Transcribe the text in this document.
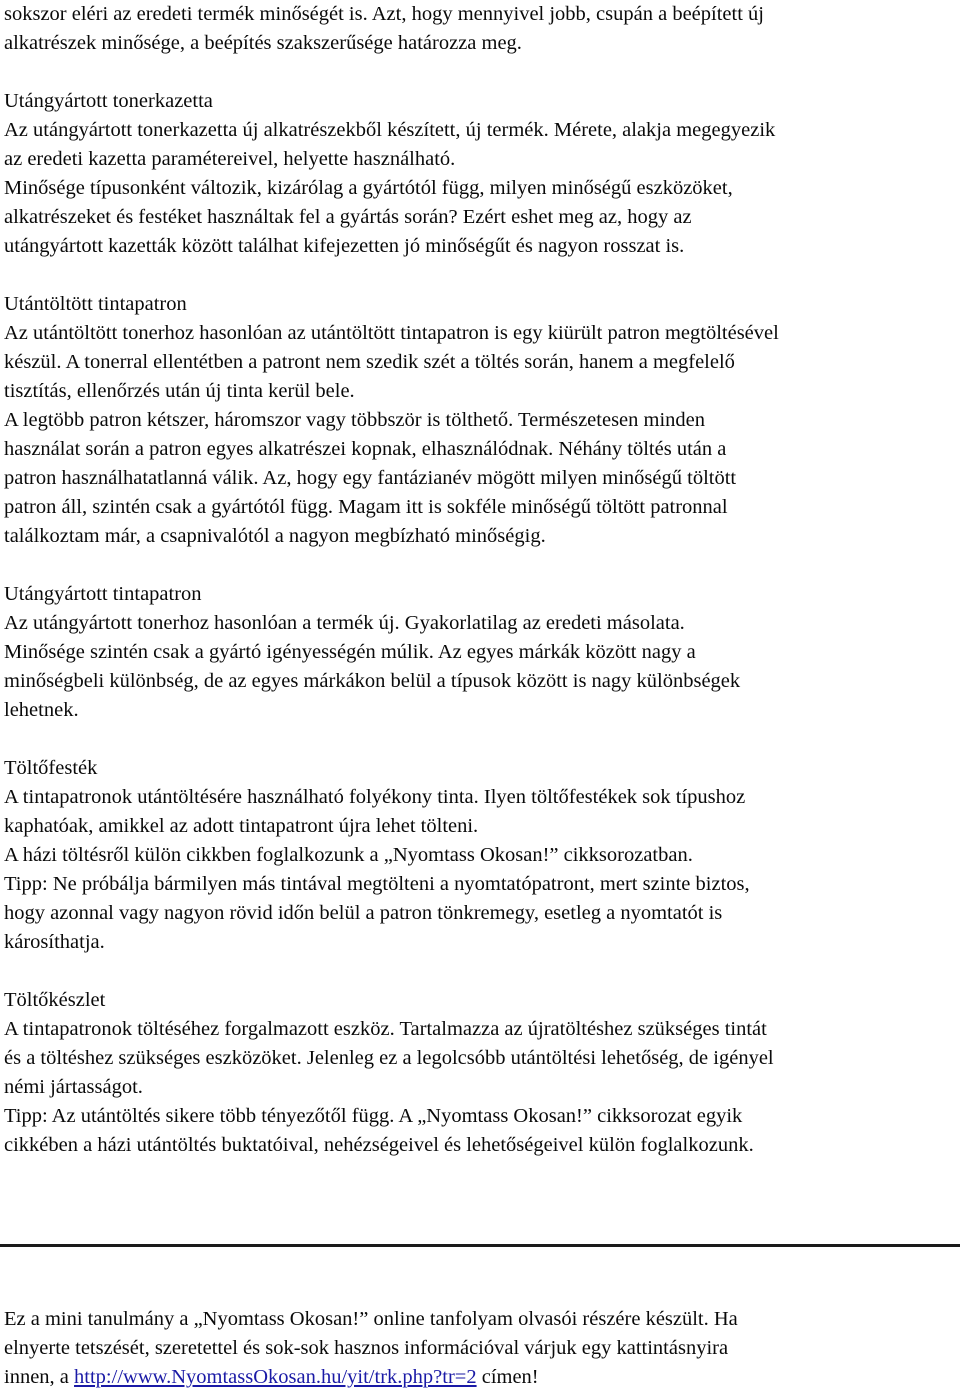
sokszor eléri az eredeti termék minőségét is. Azt, hogy mennyivel jobb, csupán a beépített új
alkatrészek minősége, a beépítés szakszerűsége határozza meg.
Utángyártott tonerkazetta
Az utángyártott tonerkazetta új alkatrészekből készített, új termék. Mérete, alakja megegyezik
az eredeti kazetta paramétereivel, helyette használható.
Minősége típusonként változik, kizárólag a gyártótól függ, milyen minőségű eszközöket,
alkatrészeket és festéket használtak fel a gyártás során? Ezért eshet meg az, hogy az
utángyártott kazetták között találhat kifejezetten jó minőségűt és nagyon rosszat is.
Utántöltött tintapatron
Az utántöltött tonerhoz hasonlóan az utántöltött tintapatron is egy kiürült patron megtöltésével
készül. A tonerral ellentétben a patront nem szedik szét a töltés során, hanem a megfelelő
tisztítás, ellenőrzés után új tinta kerül bele.
A legtöbb patron kétszer, háromszor vagy többször is tölthető. Természetesen minden
használat során a patron egyes alkatrészei kopnak, elhasználódnak. Néhány töltés után a
patron használhatatlanná válik. Az, hogy egy fantázianév mögött milyen minőségű töltött
patron áll, szintén csak a gyártótól függ. Magam itt is sokféle minőségű töltött patronnal
találkoztam már, a csapnivalótól a nagyon megbízható minőségig.
Utángyártott tintapatron
Az utángyártott tonerhoz hasonlóan a termék új. Gyakorlatilag az eredeti másolata.
Minősége szintén csak a gyártó igényességén múlik. Az egyes márkák között nagy a
minőségbeli különbség, de az egyes márkákon belül a típusok között is nagy különbségek
lehetnek.
Töltőfesték
A tintapatronok utántöltésére használható folyékony tinta. Ilyen töltőfestékek sok típushoz
kaphatóak, amikkel az adott tintapatront újra lehet tölteni.
A házi töltésről külön cikkben foglalkozunk a „Nyomtass Okosan!” cikksorozatban.
Tipp: Ne próbálja bármilyen más tintával megtölteni a nyomtatópatront, mert szinte biztos,
hogy azonnal vagy nagyon rövid időn belül a patron tönkremegy, esetleg a nyomtatót is
károsíthatja.
Töltőkészlet
A tintapatronok töltéséhez forgalmazott eszköz. Tartalmazza az újratöltéshez szükséges tintát
és a töltéshez szükséges eszközöket. Jelenleg ez a legolcsóbb utántöltési lehetőség, de igényel
némi jártasságot.
Tipp: Az utántöltés sikere több tényezőtől függ. A „Nyomtass Okosan!” cikksorozat egyik
cikkében a házi utántöltés buktatóival, nehézségeivel és lehetőségeivel külön foglalkozunk.
Ez a mini tanulmány a „Nyomtass Okosan!” online tanfolyam olvasói részére készült. Ha
elnyerte tetszését, szeretettel és sok-sok hasznos információval várjuk egy kattintásnyira
innen, a http://www.NyomtassOkosan.hu/yit/trk.php?tr=2 címen!
